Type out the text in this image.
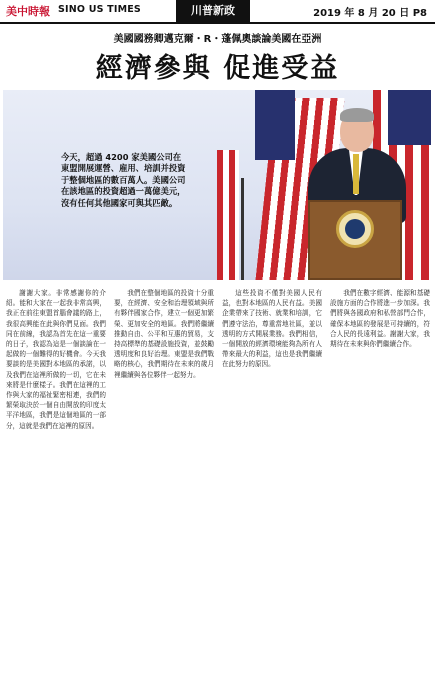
美中時報 SINO US TIMES	川普新政	2019 年 8 月 20 日 P8
美國國務卿邁克爾・R・蓬佩奧談論美國在亞洲
經濟參與 促進受益
今天，超過 4200 家美國公司在東盟開展運營、雇用、培訓并投資于整個地區的數百萬人。美國公司在該地區的投資超過一萬億美元，沒有任何其他國家可與其匹敵。

謝謝大家。非常感謝你的介紹。能和大家在一起我非常高興，我正在前往東盟首腦會議的路上，我很高興能在此與你們見面。我們同在前線，我認為首先在這一重要的日子，我認為這是一個談論在一起做的一個難得的好機會。今天我要談的是美國對本地區的承諾，以及我們在這裡所做的一切，它在未來將是什麼樣子。我們在這裡的工作與大家的福祉緊密相連，我們的繁榮取決於一個自由開放的印度太平洋地區，我們是這個地區的一部分，這就是我們在這裡的原因。

我們在整個地區的投資十分重要，在經濟、安全和治理領域與所有夥伴國家合作，建立一個更加繁榮、更加安全的地區。我們將繼續推動自由、公平和互惠的貿易，支持高標準的基礎設施投資，並鼓勵透明度和良好治理。東盟是我們戰略的核心，我們期待在未來的歲月裡繼續與各位夥伴一起努力。

這些投資不僅對美國人民有益，也對本地區的人民有益。美國企業帶來了技術、就業和培訓，它們遵守法治，尊重當地社區，並以透明的方式開展業務。我們相信，一個開放的經濟環境能夠為所有人帶來最大的利益，這也是我們繼續在此努力的原因。

我們在數字經濟、能源和基礎設施方面的合作將進一步加深。我們將與各國政府和私營部門合作，確保本地區的發展是可持續的，符合人民的長遠利益。謝謝大家，我期待在未來與你們繼續合作。
